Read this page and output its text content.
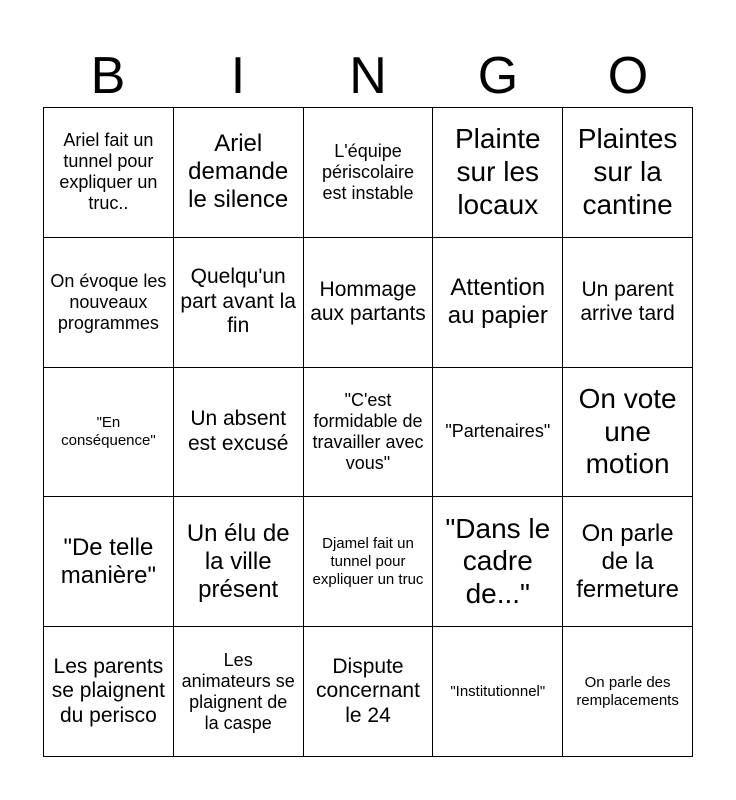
B	I	N	G	O
Ariel fait un tunnel pour expliquer un truc..
Ariel demande le silence
L'équipe périscolaire est instable
Plainte sur les locaux
Plaintes sur la cantine
On évoque les nouveaux programmes
Quelqu'un part avant la fin
Hommage aux partants
Attention au papier
Un parent arrive tard
"En conséquence"
Un absent est excusé
"C'est formidable de travailler avec vous"
"Partenaires"
On vote une motion
"De telle manière"
Un élu de la ville présent
Djamel fait un tunnel pour expliquer un truc
"Dans le cadre de..."
On parle de la fermeture
Les parents se plaignent du perisco
Les animateurs se plaignent de la caspe
Dispute concernant le 24
"Institutionnel"
On parle des remplacements
